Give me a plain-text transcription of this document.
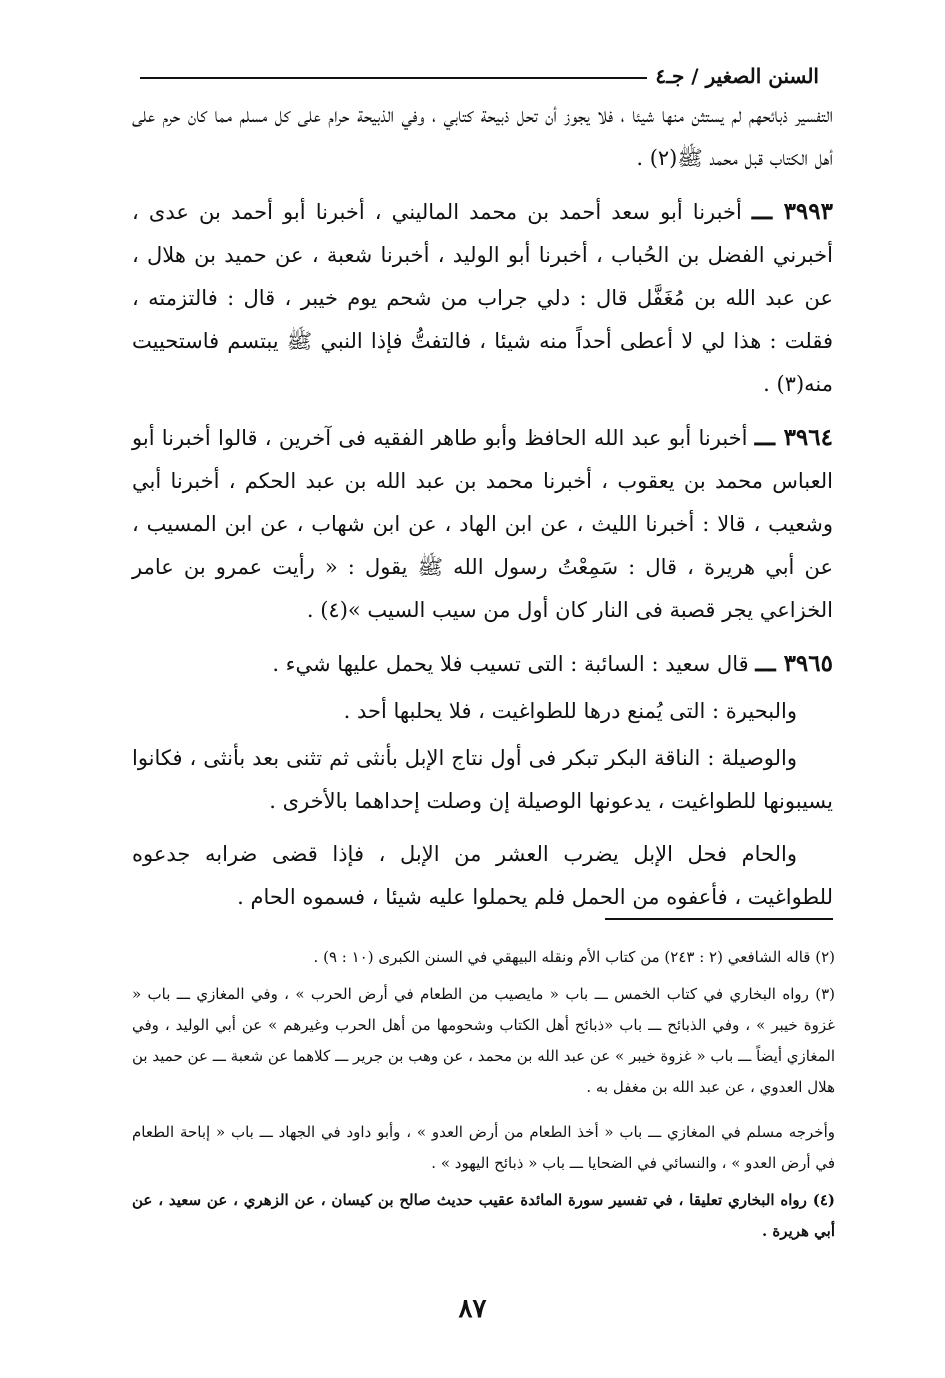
السنن الصغير / جـ٤

التفسير ذبائحهم لم يستثن منها شيئا ، فلا يجوز أن تحل ذبيحة كتابي ، وفي الذبيحة حرام على كل مسلم مما كان حرم على أهل الكتاب قبل محمد ﷺ(٢) .

٣٩٩٣ ـــ أخبرنا أبو سعد أحمد بن محمد الماليني ، أخبرنا أبو أحمد بن عدى ، أخبرني الفضل بن الحُباب ، أخبرنا أبو الوليد ، أخبرنا شعبة ، عن حميد بن هلال ، عن عبد الله بن مُغَفَّل قال : دلي جراب من شحم يوم خيبر ، قال : فالتزمته ، فقلت : هذا لي لا أعطى أحداً منه شيئا ، فالتفتُّ فإذا النبي ﷺ يبتسم فاستحييت منه(٣) .

٣٩٦٤ ـــ أخبرنا أبو عبد الله الحافظ وأبو طاهر الفقيه فى آخرين ، قالوا أخبرنا أبو العباس محمد بن يعقوب ، أخبرنا محمد بن عبد الله بن عبد الحكم ، أخبرنا أبي وشعيب ، قالا : أخبرنا الليث ، عن ابن الهاد ، عن ابن شهاب ، عن ابن المسيب ، عن أبي هريرة ، قال : سَمِعْتُ رسول الله ﷺ يقول : « رأيت عمرو بن عامر الخزاعي يجر قصبة فى النار كان أول من سيب السيب »(٤) .

٣٩٦٥ ـــ قال سعيد : السائبة : التى تسيب فلا يحمل عليها شيء .

والبحيرة : التى يُمنع درها للطواغيت ، فلا يحلبها أحد .

والوصيلة : الناقة البكر تبكر فى أول نتاج الإبل بأنثى ثم تثنى بعد بأنثى ، فكانوا يسيبونها للطواغيت ، يدعونها الوصيلة إن وصلت إحداهما بالأخرى .

والحام فحل الإبل يضرب العشر من الإبل ، فإذا قضى ضرابه جدعوه للطواغيت ، فأعفوه من الحمل فلم يحملوا عليه شيئا ، فسموه الحام .

(٢) قاله الشافعي (٢ : ٢٤٣) من كتاب الأم ونقله البيهقي في السنن الكبرى (١٠ : ٩) .

(٣) رواه البخاري في كتاب الخمس ـــ باب « مايصيب من الطعام في أرض الحرب » ، وفي المغازي ـــ باب « غزوة خيبر » ، وفي الذبائح ـــ باب «ذبائح أهل الكتاب وشحومها من أهل الحرب وغيرهم » عن أبي الوليد ، وفي المغازي أيضاً ـــ باب « غزوة خيبر » عن عبد الله بن محمد ، عن وهب بن جرير ـــ كلاهما عن شعبة ـــ عن حميد بن هلال العدوي ، عن عبد الله بن مغفل به .

وأخرجه مسلم في المغازي ـــ باب « أخذ الطعام من أرض العدو » ، وأبو داود في الجهاد ـــ باب « إباحة الطعام في أرض العدو » ، والنسائي في الضحايا ـــ باب « ذبائح اليهود » .

(٤) رواه البخاري تعليقا ، في تفسير سورة المائدة عقيب حديث صالح بن كيسان ، عن الزهري ، عن سعيد ، عن أبي هريرة .

٨٧
